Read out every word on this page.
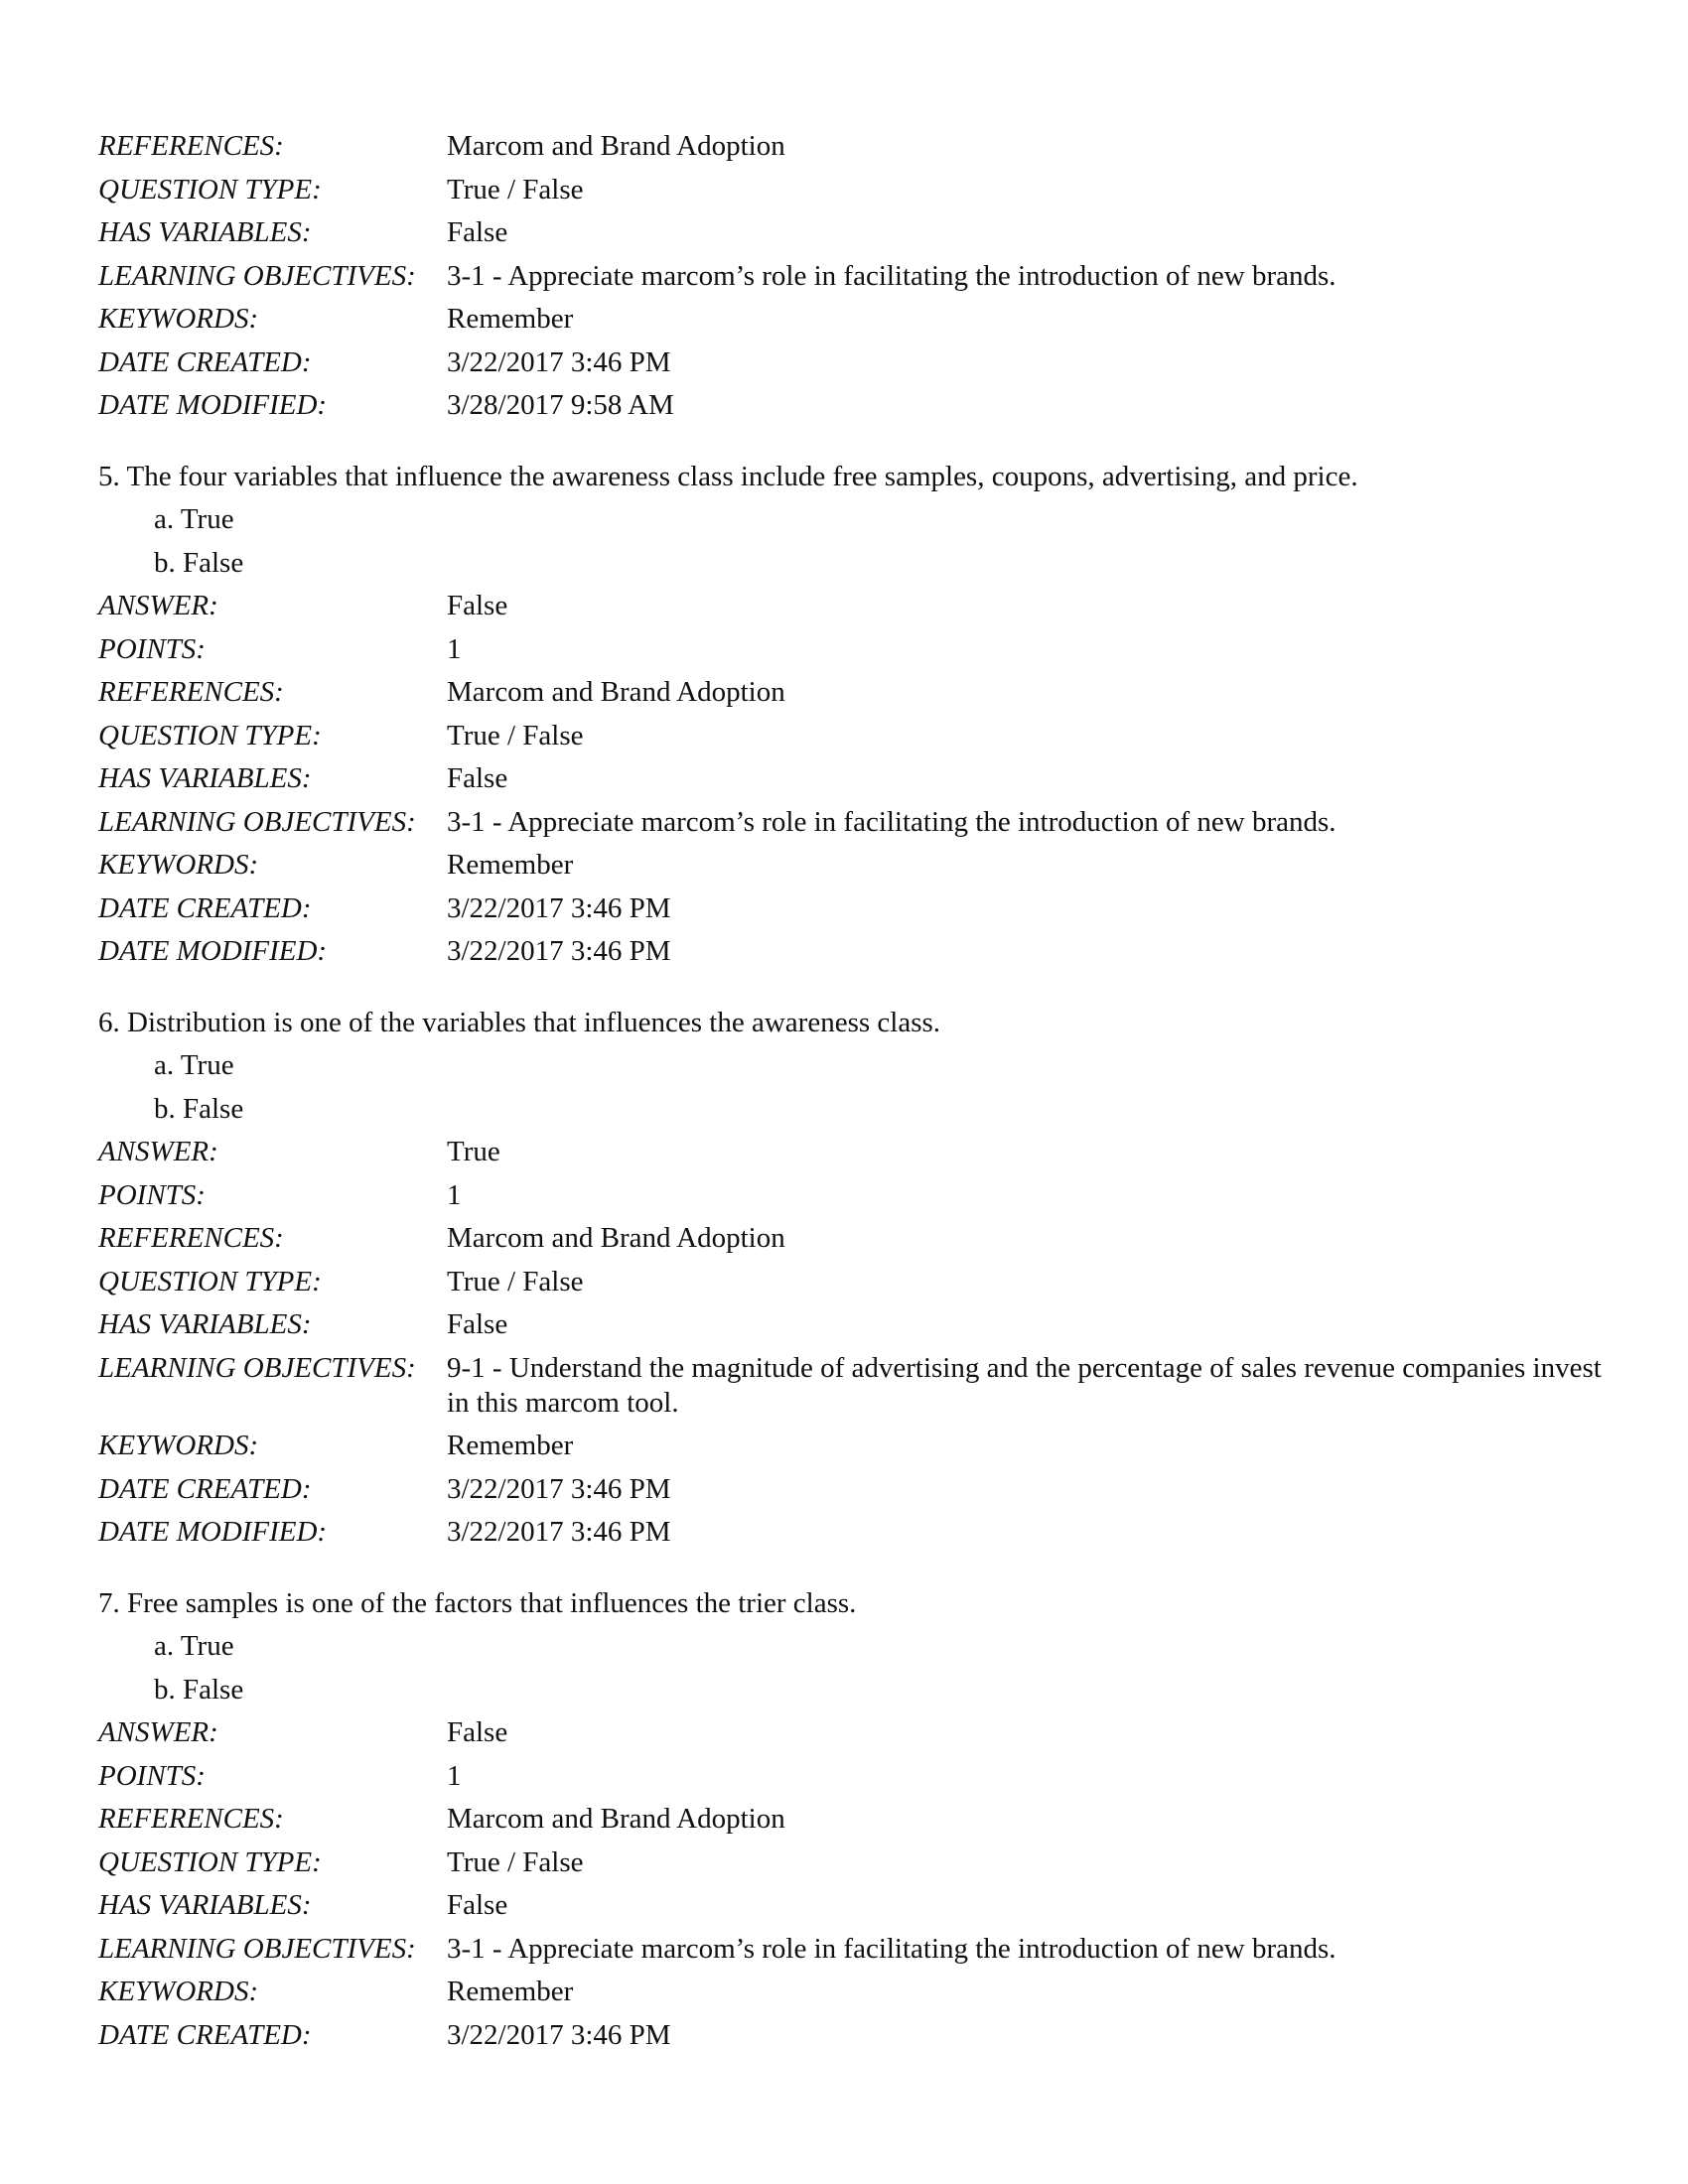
REFERENCES:	Marcom and Brand Adoption
QUESTION TYPE:	True / False
HAS VARIABLES:	False
LEARNING OBJECTIVES:	3-1 - Appreciate marcom’s role in facilitating the introduction of new brands.
KEYWORDS:	Remember
DATE CREATED:	3/22/2017 3:46 PM
DATE MODIFIED:	3/28/2017 9:58 AM
5. The four variables that influence the awareness class include free samples, coupons, advertising, and price.
a. True
b. False
ANSWER:	False
POINTS:	1
REFERENCES:	Marcom and Brand Adoption
QUESTION TYPE:	True / False
HAS VARIABLES:	False
LEARNING OBJECTIVES:	3-1 - Appreciate marcom’s role in facilitating the introduction of new brands.
KEYWORDS:	Remember
DATE CREATED:	3/22/2017 3:46 PM
DATE MODIFIED:	3/22/2017 3:46 PM
6. Distribution is one of the variables that influences the awareness class.
a. True
b. False
ANSWER:	True
POINTS:	1
REFERENCES:	Marcom and Brand Adoption
QUESTION TYPE:	True / False
HAS VARIABLES:	False
LEARNING OBJECTIVES:	9-1 - Understand the magnitude of advertising and the percentage of sales revenue companies invest in this marcom tool.
KEYWORDS:	Remember
DATE CREATED:	3/22/2017 3:46 PM
DATE MODIFIED:	3/22/2017 3:46 PM
7. Free samples is one of the factors that influences the trier class.
a. True
b. False
ANSWER:	False
POINTS:	1
REFERENCES:	Marcom and Brand Adoption
QUESTION TYPE:	True / False
HAS VARIABLES:	False
LEARNING OBJECTIVES:	3-1 - Appreciate marcom’s role in facilitating the introduction of new brands.
KEYWORDS:	Remember
DATE CREATED:	3/22/2017 3:46 PM
